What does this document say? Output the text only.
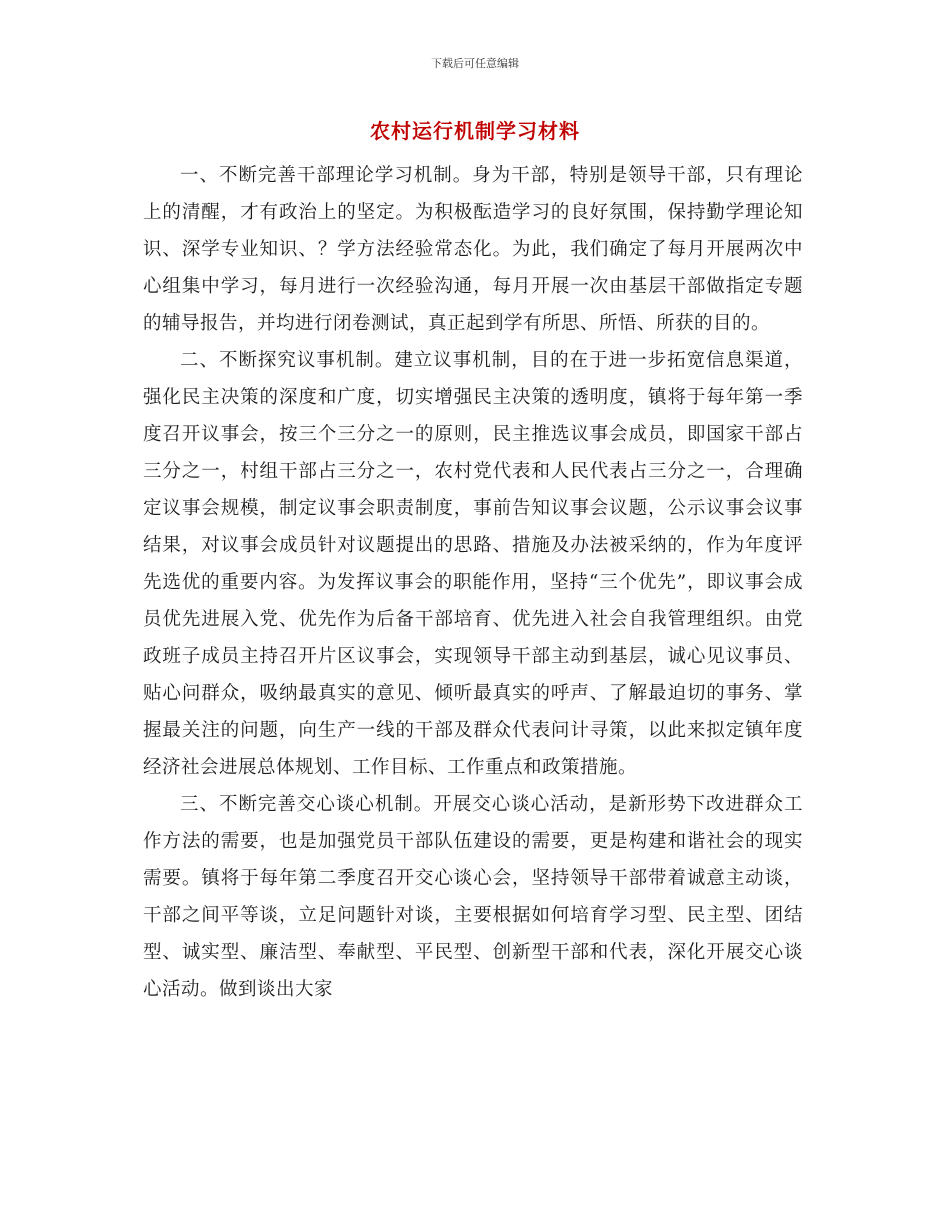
下载后可任意编辑
农村运行机制学习材料

一、不断完善干部理论学习机制。身为干部，特别是领导干部，只有理论上的清醒，才有政治上的坚定。为积极酝造学习的良好氛围，保持勤学理论知识、深学专业知识、？学方法经验常态化。为此，我们确定了每月开展两次中心组集中学习，每月进行一次经验沟通，每月开展一次由基层干部做指定专题的辅导报告，并均进行闭卷测试，真正起到学有所思、所悟、所获的目的。

二、不断探究议事机制。建立议事机制，目的在于进一步拓宽信息渠道，强化民主决策的深度和广度，切实增强民主决策的透明度，镇将于每年第一季度召开议事会，按三个三分之一的原则，民主推选议事会成员，即国家干部占三分之一，村组干部占三分之一，农村党代表和人民代表占三分之一，合理确定议事会规模，制定议事会职责制度，事前告知议事会议题，公示议事会议事结果，对议事会成员针对议题提出的思路、措施及办法被采纳的，作为年度评先选优的重要内容。为发挥议事会的职能作用，坚持“三个优先”，即议事会成员优先进展入党、优先作为后备干部培育、优先进入社会自我管理组织。由党政班子成员主持召开片区议事会，实现领导干部主动到基层，诚心见议事员、贴心问群众，吸纳最真实的意见、倾听最真实的呼声、了解最迫切的事务、掌握最关注的问题，向生产一线的干部及群众代表问计寻策，以此来拟定镇年度经济社会进展总体规划、工作目标、工作重点和政策措施。

三、不断完善交心谈心机制。开展交心谈心活动，是新形势下改进群众工作方法的需要，也是加强党员干部队伍建设的需要，更是构建和谐社会的现实需要。镇将于每年第二季度召开交心谈心会，坚持领导干部带着诚意主动谈，干部之间平等谈，立足问题针对谈，主要根据如何培育学习型、民主型、团结型、诚实型、廉洁型、奉献型、平民型、创新型干部和代表，深化开展交心谈心活动。做到谈出大家
